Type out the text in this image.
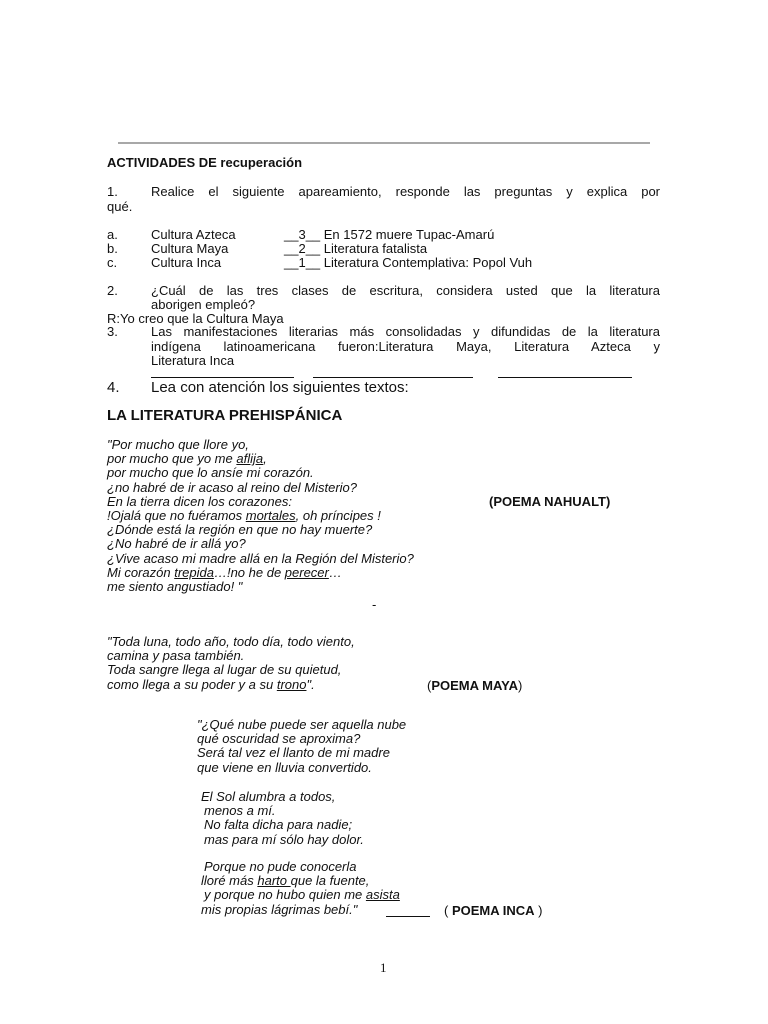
ACTIVIDADES DE recuperación
1.	Realice el siguiente apareamiento, responde las preguntas y explica por
qué.
a.	Cultura Azteca	__3__ En 1572 muere Tupac-Amarú
b.	Cultura Maya	__2__ Literatura fatalista
c.	Cultura Inca	__1__ Literatura Contemplativa: Popol Vuh
2.	¿Cuál de las tres clases de escritura, considera usted que la literatura
aborigen empleó?
R:Yo creo que la Cultura Maya
3.	Las manifestaciones literarias más consolidadas y difundidas de la literatura
indígena latinoamericana fueron:Literatura Maya, Literatura Azteca y
Literatura Inca
4. Lea con atención los siguientes textos:
LA LITERATURA PREHISPÁNICA
"Por mucho que llore yo,
por mucho que yo me aflija,
por mucho que lo ansíe mi corazón.
¿no habré de ir acaso al reino del Misterio?
En la tierra dicen los corazones:
!Ojalá que no fuéramos mortales, oh príncipes !
¿Dónde está la región en que no hay muerte?
¿No habré de ir allá yo?
¿Vive acaso mi madre allá en la Región del Misterio?
Mi corazón trepida…!no he de perecer…
me siento angustiado! "
(POEMA NAHUALT)
-
"Toda luna, todo año, todo día, todo viento,
camina y pasa también.
Toda sangre llega al lugar de su quietud,
como llega a su poder y a su trono".	(POEMA MAYA)
"¿Qué nube puede ser aquella nube
qué oscuridad se aproxima?
Será tal vez el llanto de mi madre
que viene en lluvia convertido.
El Sol alumbra a todos,
menos a mí.
No falta dicha para nadie;
mas para mí sólo hay dolor.
Porque no pude conocerla
lloré más harto que la fuente,
y porque no hubo quien me asista
mis propias lágrimas bebí."	( POEMA INCA )
1
